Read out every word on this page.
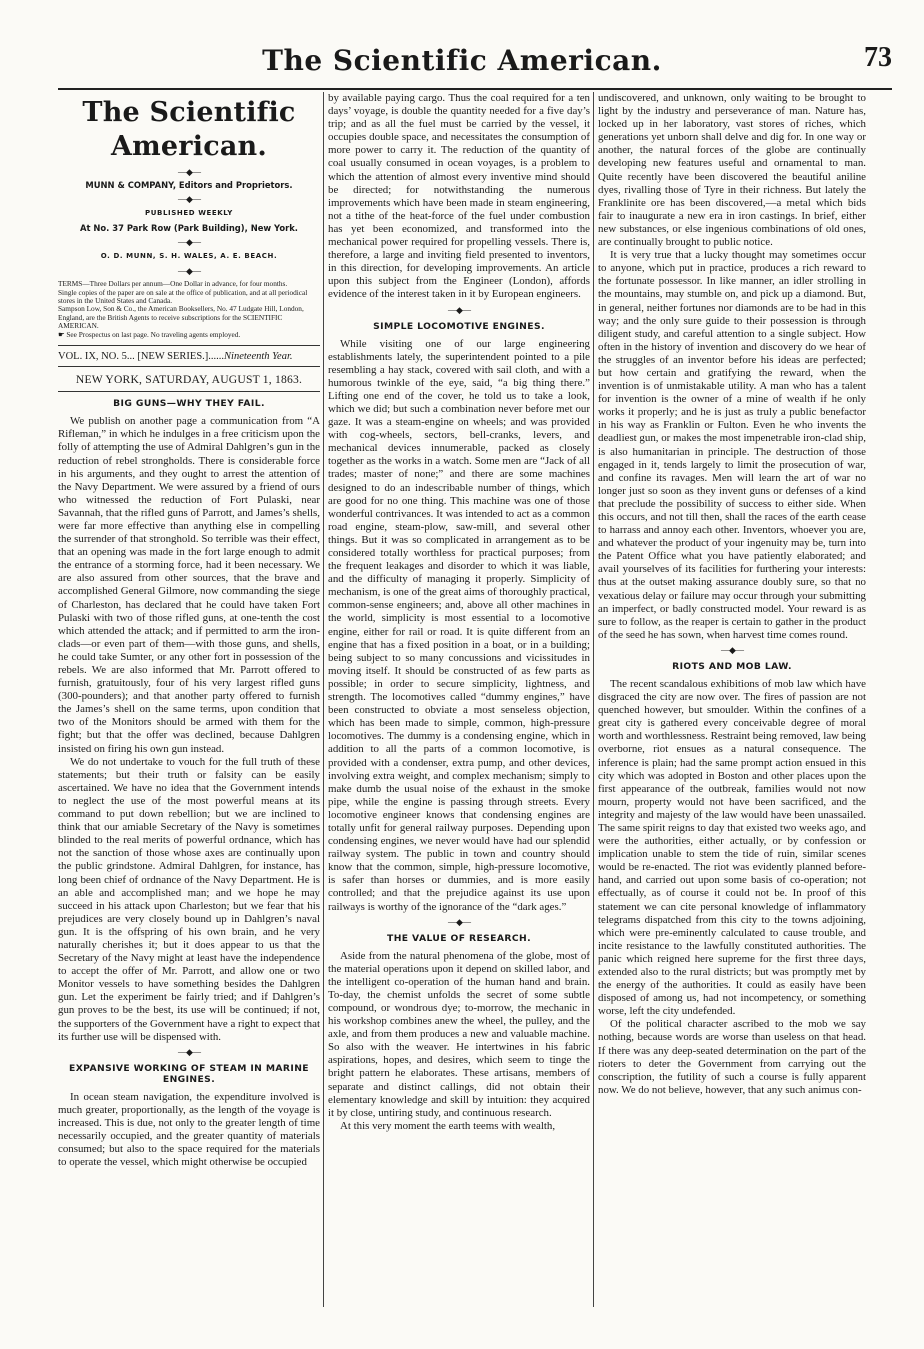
The Scientific American.	73
The Scientific American.
—◆—
MUNN & COMPANY, Editors and Proprietors.
—◆—
PUBLISHED WEEKLY
At No. 37 Park Row (Park Building), New York.
—◆—
O. D. MUNN, S. H. WALES, A. E. BEACH.
—◆—
TERMS—Three Dollars per annum—One Dollar in advance, for four months.
Single copies of the paper are on sale at the office of publication, and at all periodical stores in the United States and Canada.
Sampson Low, Son & Co., the American Booksellers, No. 47 Ludgate Hill, London, England, are the British Agents to receive subscriptions for the SCIENTIFIC AMERICAN.
☛ See Prospectus on last page. No traveling agents employed.
VOL. IX, NO. 5... [NEW SERIES.]......Nineteenth Year.
NEW YORK, SATURDAY, AUGUST 1, 1863.
BIG GUNS—WHY THEY FAIL.

We publish on another page a communication from “A Rifleman,” in which he indulges in a free criticism upon the folly of attempting the use of Admiral Dahlgren’s gun in the reduction of rebel strongholds. There is considerable force in his arguments, and they ought to arrest the attention of the Navy Department. We were assured by a friend of ours who witnessed the reduction of Fort Pulaski, near Savannah, that the rifled guns of Parrott, and James’s shells, were far more effective than anything else in compelling the surrender of that stronghold. So terrible was their effect, that an opening was made in the fort large enough to admit the entrance of a storming force, had it been necessary. We are also assured from other sources, that the brave and accomplished General Gilmore, now commanding the siege of Charleston, has declared that he could have taken Fort Pulaski with two of those rifled guns, at one-tenth the cost which attended the attack; and if permitted to arm the iron-clads—or even part of them—with those guns, and shells, he could take Sumter, or any other fort in possession of the rebels. We are also informed that Mr. Parrott offered to furnish, gratuitously, four of his very largest rifled guns (300-pounders); and that another party offered to furnish the James’s shell on the same terms, upon condition that two of the Monitors should be armed with them for the fight; but that the offer was declined, because Dahlgren insisted on firing his own gun instead.

We do not undertake to vouch for the full truth of these statements; but their truth or falsity can be easily ascertained. We have no idea that the Government intends to neglect the use of the most powerful means at its command to put down rebellion; but we are inclined to think that our amiable Secretary of the Navy is sometimes blinded to the real merits of powerful ordnance, which has not the sanction of those whose axes are continually upon the public grindstone. Admiral Dahlgren, for instance, has long been chief of ordnance of the Navy Department. He is an able and accomplished man; and we hope he may succeed in his attack upon Charleston; but we fear that his prejudices are very closely bound up in Dahlgren’s naval gun. It is the offspring of his own brain, and he very naturally cherishes it; but it does appear to us that the Secretary of the Navy might at least have the independence to accept the offer of Mr. Parrott, and allow one or two Monitor vessels to have something besides the Dahlgren gun. Let the experiment be fairly tried; and if Dahlgren’s gun proves to be the best, its use will be continued; if not, the supporters of the Government have a right to expect that its further use will be dispensed with.

—◆—
EXPANSIVE WORKING OF STEAM IN MARINE ENGINES.

In ocean steam navigation, the expenditure involved is much greater, proportionally, as the length of the voyage is increased. This is due, not only to the greater length of time necessarily occupied, and the greater quantity of materials consumed; but also to the space required for the materials to operate the vessel, which might otherwise be occupied

by available paying cargo. Thus the coal required for a ten days’ voyage, is double the quantity needed for a five day’s trip; and as all the fuel must be carried by the vessel, it occupies double space, and necessitates the consumption of more power to carry it. The reduction of the quantity of coal usually consumed in ocean voyages, is a problem to which the attention of almost every inventive mind should be directed; for notwithstanding the numerous improvements which have been made in steam engineering, not a tithe of the heat-force of the fuel under combustion has yet been economized, and transformed into the mechanical power required for propelling vessels. There is, therefore, a large and inviting field presented to inventors, in this direction, for developing improvements. An article upon this subject from the Engineer (London), affords evidence of the interest taken in it by European engineers.

—◆—
SIMPLE LOCOMOTIVE ENGINES.

While visiting one of our large engineering establishments lately, the superintendent pointed to a pile resembling a hay stack, covered with sail cloth, and with a humorous twinkle of the eye, said, “a big thing there.” Lifting one end of the cover, he told us to take a look, which we did; but such a combination never before met our gaze. It was a steam-engine on wheels; and was provided with cog-wheels, sectors, bell-cranks, levers, and mechanical devices innumerable, packed as closely together as the works in a watch. Some men are “Jack of all trades; master of none;” and there are some machines designed to do an indescribable number of things, which are good for no one thing. This machine was one of those wonderful contrivances. It was intended to act as a common road engine, steam-plow, saw-mill, and several other things. But it was so complicated in arrangement as to be considered totally worthless for practical purposes; from the frequent leakages and disorder to which it was liable, and the difficulty of managing it properly. Simplicity of mechanism, is one of the great aims of thoroughly practical, common-sense engineers; and, above all other machines in the world, simplicity is most essential to a locomotive engine, either for rail or road. It is quite different from an engine that has a fixed position in a boat, or in a building; being subject to so many concussions and vicissitudes in moving itself. It should be constructed of as few parts as possible; in order to secure simplicity, lightness, and strength. The locomotives called “dummy engines,” have been constructed to obviate a most senseless objection, which has been made to simple, common, high-pressure locomotives. The dummy is a condensing engine, which in addition to all the parts of a common locomotive, is provided with a condenser, extra pump, and other devices, involving extra weight, and complex mechanism; simply to make dumb the usual noise of the exhaust in the smoke pipe, while the engine is passing through streets. Every locomotive engineer knows that condensing engines are totally unfit for general railway purposes. Depending upon condensing engines, we never would have had our splendid railway system. The public in town and country should know that the common, simple, high-pressure locomotive, is safer than horses or dummies, and is more easily controlled; and that the prejudice against its use upon railways is worthy of the ignorance of the “dark ages.”

—◆—
THE VALUE OF RESEARCH.

Aside from the natural phenomena of the globe, most of the material operations upon it depend on skilled labor, and the intelligent co-operation of the human hand and brain. To-day, the chemist unfolds the secret of some subtle compound, or wondrous dye; to-morrow, the mechanic in his workshop combines anew the wheel, the pulley, and the axle, and from them produces a new and valuable machine. So also with the weaver. He intertwines in his fabric aspirations, hopes, and desires, which seem to tinge the bright pattern he elaborates. These artisans, members of separate and distinct callings, did not obtain their elementary knowledge and skill by intuition: they acquired it by close, untiring study, and continuous research.

At this very moment the earth teems with wealth,

undiscovered, and unknown, only waiting to be brought to light by the industry and perseverance of man. Nature has, locked up in her laboratory, vast stores of riches, which generations yet unborn shall delve and dig for. In one way or another, the natural forces of the globe are continually developing new features useful and ornamental to man. Quite recently have been discovered the beautiful aniline dyes, rivalling those of Tyre in their richness. But lately the Franklinite ore has been discovered,—a metal which bids fair to inaugurate a new era in iron castings. In brief, either new substances, or else ingenious combinations of old ones, are continually brought to public notice.

It is very true that a lucky thought may sometimes occur to anyone, which put in practice, produces a rich reward to the fortunate possessor. In like manner, an idler strolling in the mountains, may stumble on, and pick up a diamond. But, in general, neither fortunes nor diamonds are to be had in this way; and the only sure guide to their possession is through diligent study, and careful attention to a single subject. How often in the history of invention and discovery do we hear of the struggles of an inventor before his ideas are perfected; but how certain and gratifying the reward, when the invention is of unmistakable utility. A man who has a talent for invention is the owner of a mine of wealth if he only works it properly; and he is just as truly a public benefactor in his way as Franklin or Fulton. Even he who invents the deadliest gun, or makes the most impenetrable iron-clad ship, is also humanitarian in principle. The destruction of those engaged in it, tends largely to limit the prosecution of war, and confine its ravages. Men will learn the art of war no longer just so soon as they invent guns or defenses of a kind that preclude the possibility of success to either side. When this occurs, and not till then, shall the races of the earth cease to harrass and annoy each other. Inventors, whoever you are, and whatever the product of your ingenuity may be, turn into the Patent Office what you have patiently elaborated; and avail yourselves of its facilities for furthering your interests: thus at the outset making assurance doubly sure, so that no vexatious delay or failure may occur through your submitting an imperfect, or badly constructed model. Your reward is as sure to follow, as the reaper is certain to gather in the product of the seed he has sown, when harvest time comes round.

—◆—
RIOTS AND MOB LAW.

The recent scandalous exhibitions of mob law which have disgraced the city are now over. The fires of passion are not quenched however, but smoulder. Within the confines of a great city is gathered every conceivable degree of moral worth and worthlessness. Restraint being removed, law being overborne, riot ensues as a natural consequence. The inference is plain; had the same prompt action ensued in this city which was adopted in Boston and other places upon the first appearance of the outbreak, families would not now mourn, property would not have been sacrificed, and the integrity and majesty of the law would have been unassailed. The same spirit reigns to day that existed two weeks ago, and were the authorities, either actually, or by confession or implication unable to stem the tide of ruin, similar scenes would be re-enacted. The riot was evidently planned before-hand, and carried out upon some basis of co-operation; not effectually, as of course it could not be. In proof of this statement we can cite personal knowledge of inflammatory telegrams dispatched from this city to the towns adjoining, which were pre-eminently calculated to cause trouble, and incite resistance to the lawfully constituted authorities. The panic which reigned here supreme for the first three days, extended also to the rural districts; but was promptly met by the energy of the authorities. It could as easily have been disposed of among us, had not incompetency, or something worse, left the city undefended.

Of the political character ascribed to the mob we say nothing, because words are worse than useless on that head. If there was any deep-seated determination on the part of the rioters to deter the Government from carrying out the conscription, the futility of such a course is fully apparent now. We do not believe, however, that any such animus con-
